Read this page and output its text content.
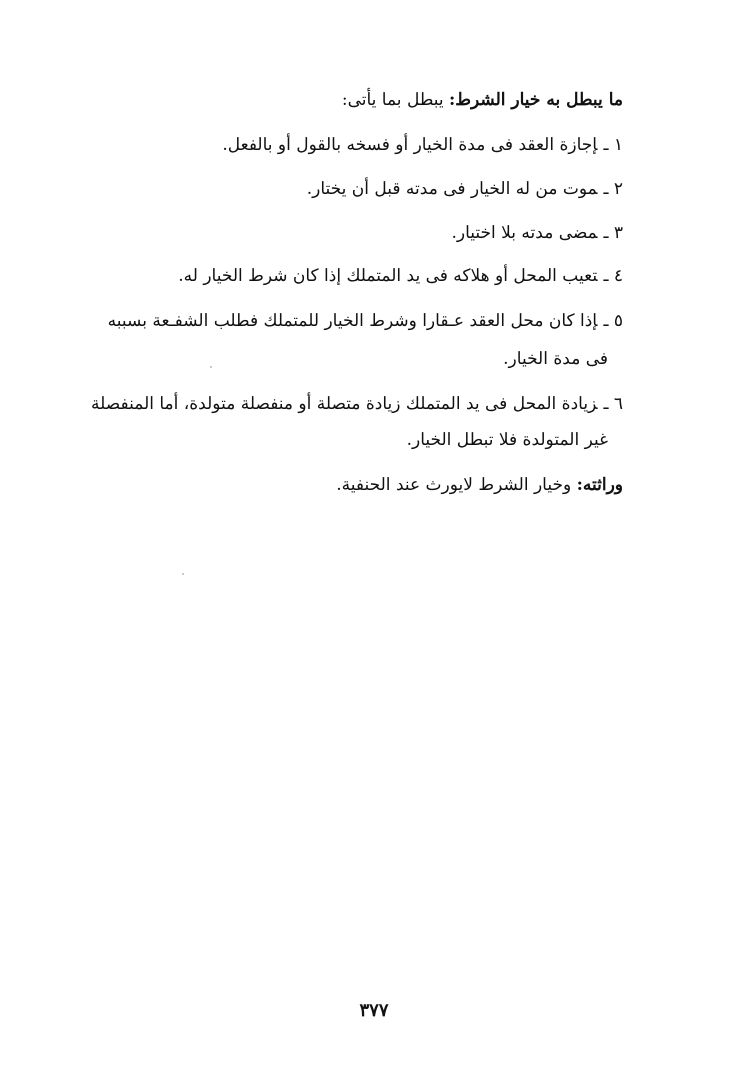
ما يبطل به خيار الشرط: يبطل بما يأتى:
١ ـإجازة العقد فى مدة الخيار أو فسخه بالقول أو بالفعل.
٢ ـموت من له الخيار فى مدته قبل أن يختار.
٣ ـمضى مدته بلا اختيار.
٤ ـتعيب المحل أو هلاكه فى يد المتملك إذا كان شرط الخيار له.
٥ ـإذا كان محل العقد عـقارا وشرط الخيار للمتملك فطلب الشفـعة بسببه
فى مدة الخيار.
٦ ـزيادة المحل فى يد المتملك زيادة متصلة أو منفصلة متولدة، أما المنفصلة
غير المتولدة فلا تبطل الخيار.
وراثته: وخيار الشرط لايورث عند الحنفية.
٣٧٧
